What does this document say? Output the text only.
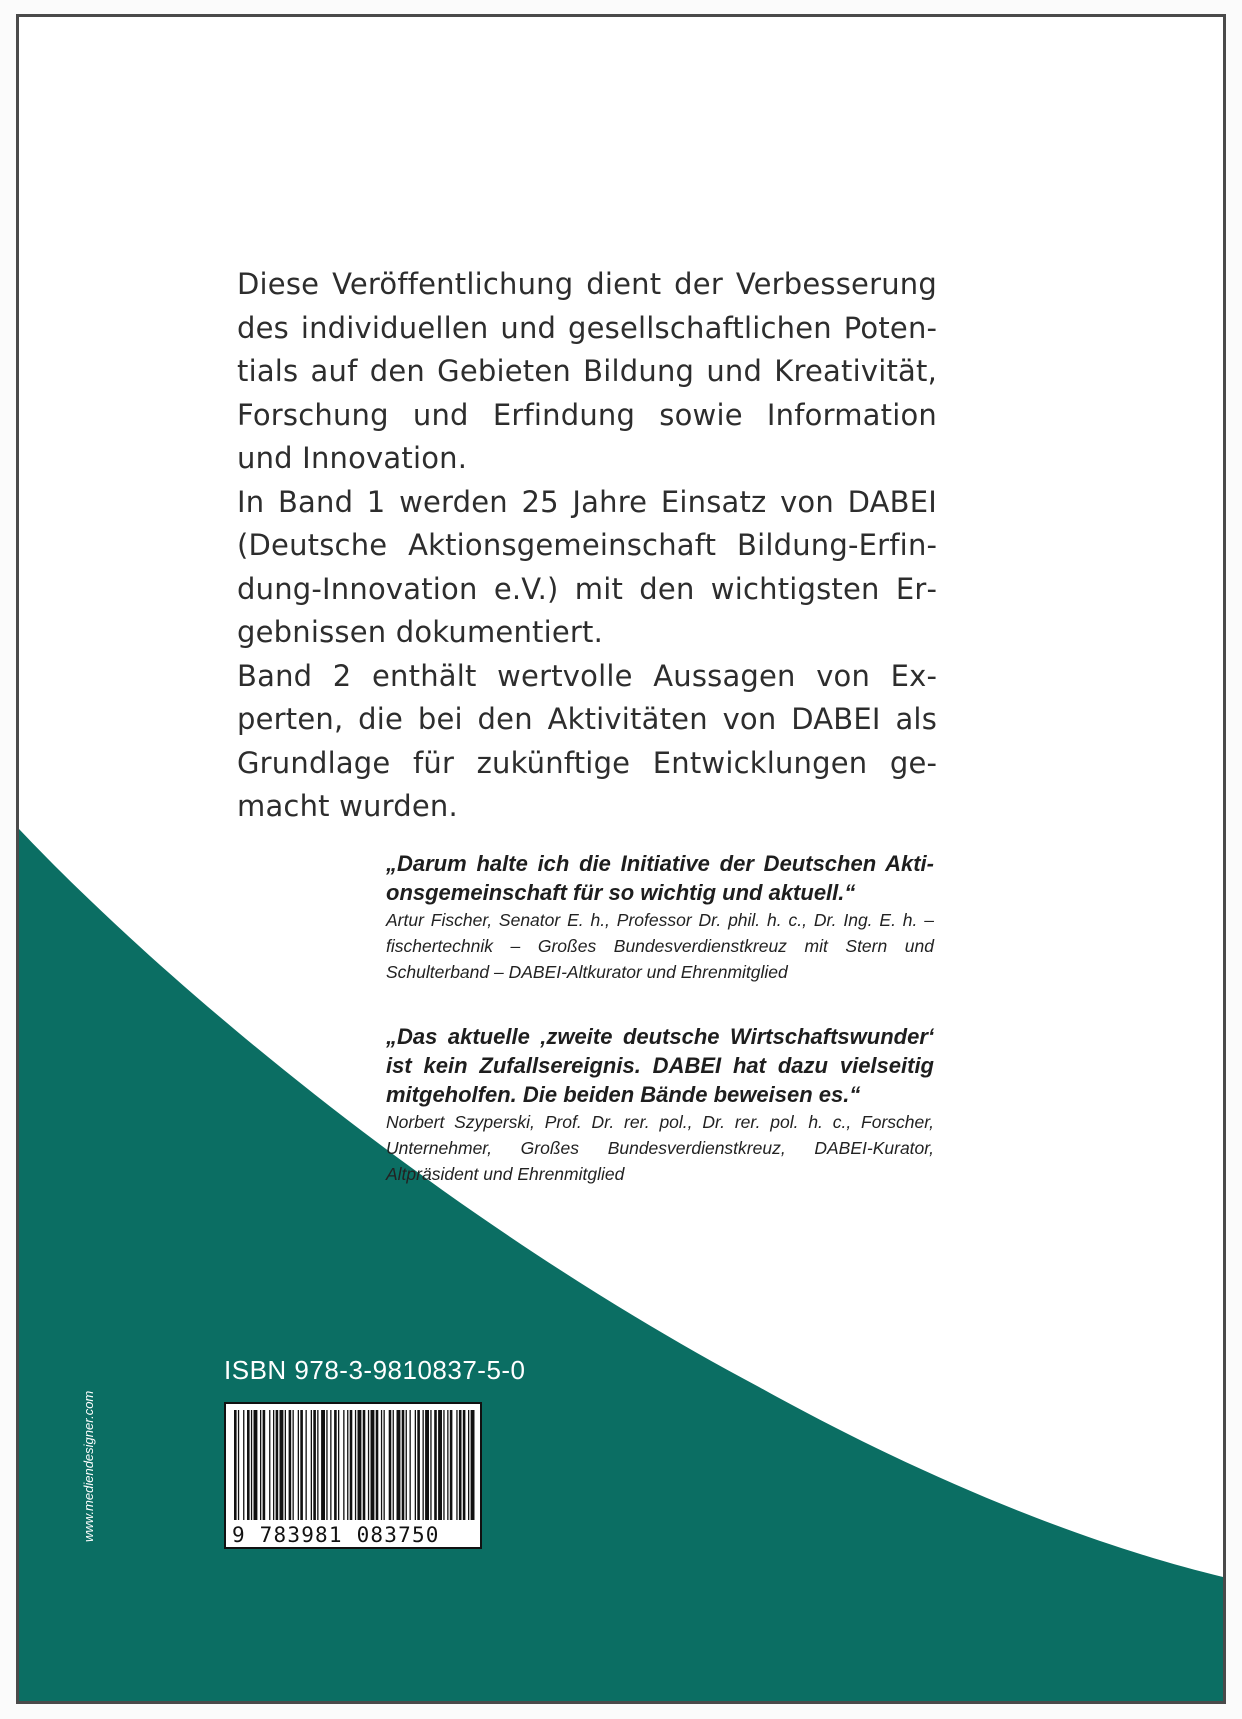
Diese Veröffentlichung dient der Verbesserung des individuellen und gesellschaftlichen Potentials auf den Gebieten Bildung und Kreativität, Forschung und Erfindung sowie Information und Innovation.

In Band 1 werden 25 Jahre Einsatz von DABEI (Deutsche Aktionsgemeinschaft Bildung-Erfindung-Innovation e.V.) mit den wichtigsten Ergebnissen dokumentiert.

Band 2 enthält wertvolle Aussagen von Experten, die bei den Aktivitäten von DABEI als Grundlage für zukünftige Entwicklungen gemacht wurden.

„Darum halte ich die Initiative der Deutschen Aktionsgemeinschaft für so wichtig und aktuell.“

Artur Fischer, Senator E. h., Professor Dr. phil. h. c., Dr. Ing. E. h. – fischertechnik – Großes Bundesverdienstkreuz mit Stern und Schulterband – DABEI-Altkurator und Ehrenmitglied

„Das aktuelle ‚zweite deutsche Wirtschaftswunder‘ ist kein Zufallsereignis. DABEI hat dazu vielseitig mitgeholfen. Die beiden Bände beweisen es.“

Norbert Szyperski, Prof. Dr. rer. pol., Dr. rer. pol. h. c., Forscher, Unternehmer, Großes Bundesverdienstkreuz, DABEI-Kurator, Altpräsident und Ehrenmitglied

ISBN 978-3-9810837-5-0
9 783981 083750
www.mediendesigner.com
